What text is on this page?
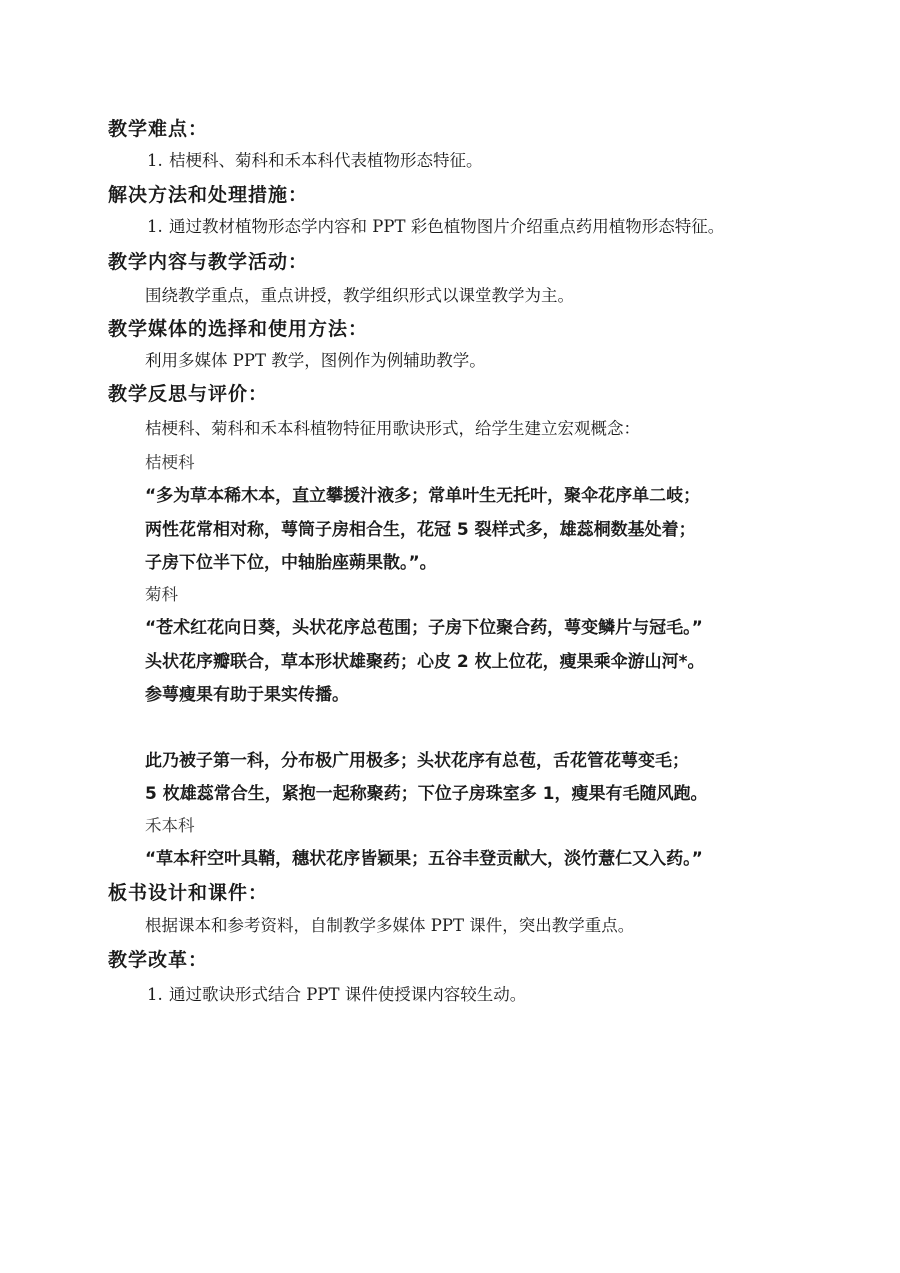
教学难点：
1. 桔梗科、菊科和禾本科代表植物形态特征。
解决方法和处理措施：
1. 通过教材植物形态学内容和 PPT 彩色植物图片介绍重点药用植物形态特征。
教学内容与教学活动：
围绕教学重点，重点讲授，教学组织形式以课堂教学为主。
教学媒体的选择和使用方法：
利用多媒体 PPT 教学，图例作为例辅助教学。
教学反思与评价：
桔梗科、菊科和禾本科植物特征用歌诀形式，给学生建立宏观概念：
桔梗科
“多为草本稀木本，直立攀援汁液多；常单叶生无托叶，聚伞花序单二岐；
两性花常相对称，萼筒子房相合生，花冠 5 裂样式多，雄蕊桐数基处着；
子房下位半下位，中轴胎座蒴果散。”。
菊科
“苍术红花向日葵，头状花序总苞围；子房下位聚合药，萼变鳞片与冠毛。”
头状花序瓣联合，草本形状雄聚药；心皮 2 枚上位花，瘦果乘伞游山河*。
参萼瘦果有助于果实传播。
此乃被子第一科，分布极广用极多；头状花序有总苞，舌花管花萼变毛；
5 枚雄蕊常合生，紧抱一起称聚药；下位子房珠室多 1，瘦果有毛随风跑。
禾本科
“草本秆空叶具鞘，穗状花序皆颖果；五谷丰登贡献大，淡竹薏仁又入药。”
板书设计和课件：
根据课本和参考资料，自制教学多媒体 PPT 课件，突出教学重点。
教学改革：
1. 通过歌诀形式结合 PPT 课件使授课内容较生动。
